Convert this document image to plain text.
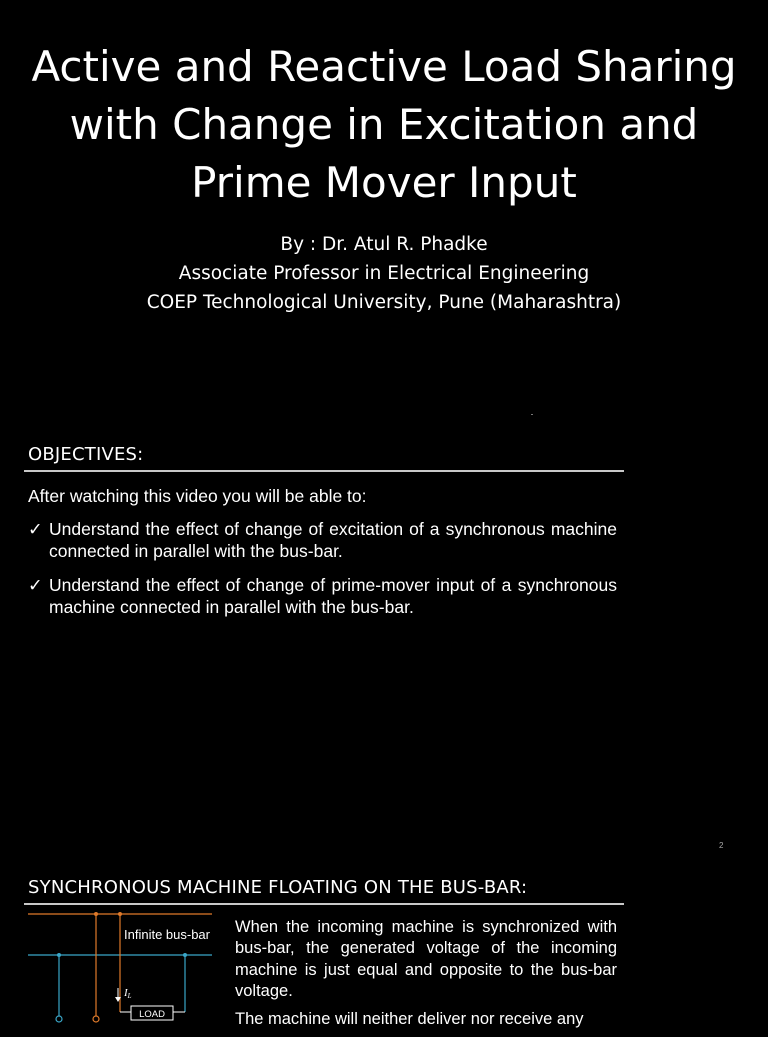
Active and Reactive Load Sharing
with Change in Excitation and
Prime Mover Input
By : Dr. Atul R. Phadke
Associate Professor in Electrical Engineering
COEP Technological University, Pune (Maharashtra)
OBJECTIVES:
After watching this video you will be able to:
✓ Understand the effect of change of excitation of a synchronous machine connected in parallel with the bus-bar.
✓ Understand the effect of change of prime-mover input of a synchronous machine connected in parallel with the bus-bar.
2
SYNCHRONOUS MACHINE FLOATING ON THE BUS-BAR:
IL
LOAD
Infinite bus-bar When the incoming machine is synchronized with bus-bar, the generated voltage of the incoming machine is just equal and opposite to the bus-bar voltage.

The machine will neither deliver nor receive any
